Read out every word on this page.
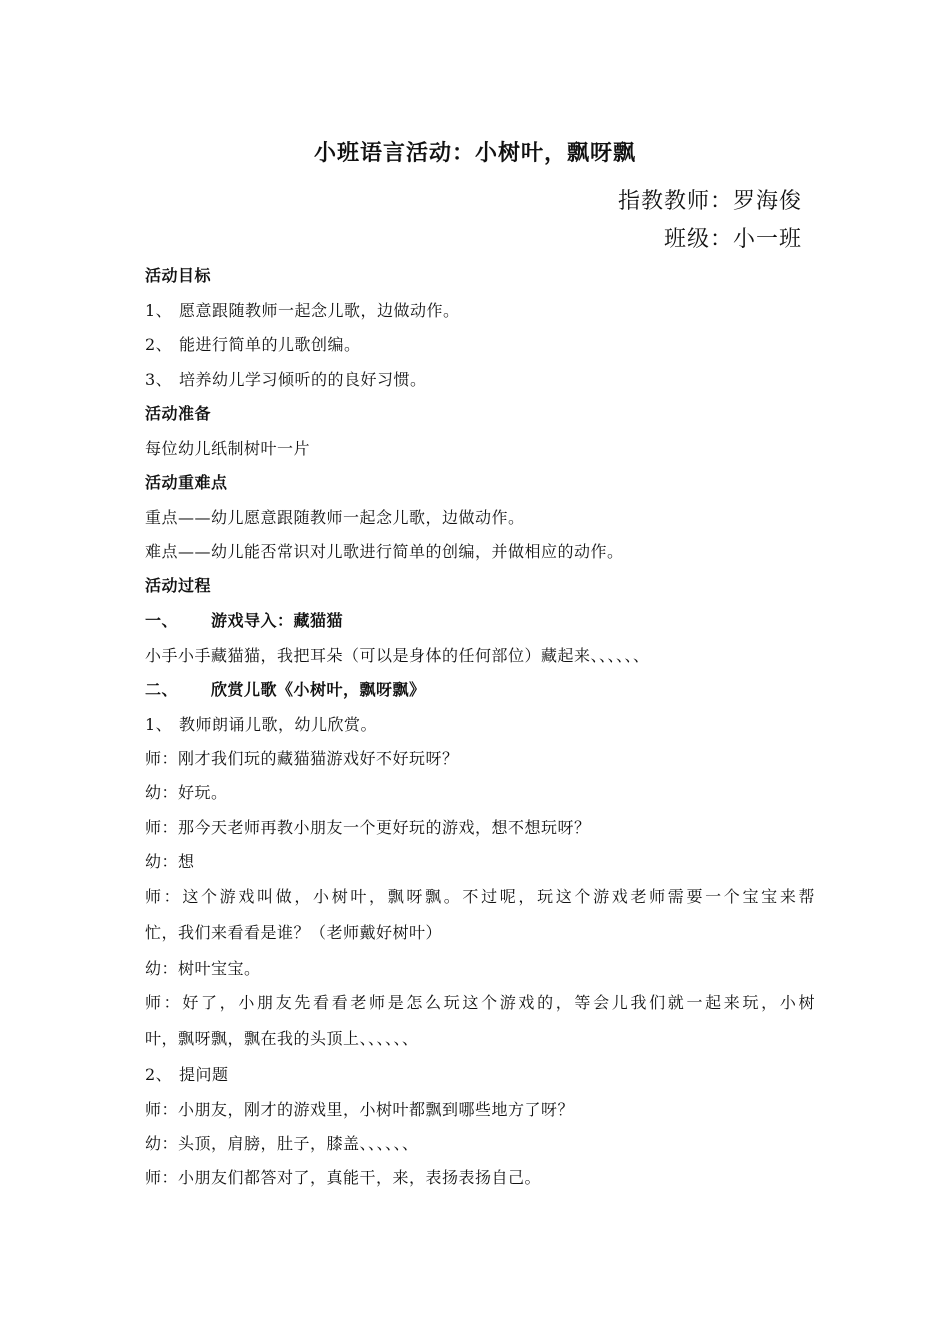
小班语言活动：小树叶，飘呀飘
指教教师：罗海俊
班级：小一班
活动目标
1、 愿意跟随教师一起念儿歌，边做动作。
2、 能进行简单的儿歌创编。
3、 培养幼儿学习倾听的的良好习惯。
活动准备
每位幼儿纸制树叶一片
活动重难点
重点——幼儿愿意跟随教师一起念儿歌，边做动作。
难点——幼儿能否常识对儿歌进行简单的创编，并做相应的动作。
活动过程
一、 游戏导入：藏猫猫
小手小手藏猫猫，我把耳朵（可以是身体的任何部位）藏起来、、、、、、
二、 欣赏儿歌《小树叶，飘呀飘》
1、 教师朗诵儿歌，幼儿欣赏。
师：刚才我们玩的藏猫猫游戏好不好玩呀？
幼：好玩。
师：那今天老师再教小朋友一个更好玩的游戏，想不想玩呀？
幼：想
师：这个游戏叫做，小树叶，飘呀飘。不过呢，玩这个游戏老师需要一个宝宝来帮
忙，我们来看看是谁？（老师戴好树叶）
幼：树叶宝宝。
师：好了，小朋友先看看老师是怎么玩这个游戏的，等会儿我们就一起来玩，小树
叶，飘呀飘，飘在我的头顶上、、、、、、
2、 提问题
师：小朋友，刚才的游戏里，小树叶都飘到哪些地方了呀？
幼：头顶，肩膀，肚子，膝盖、、、、、、
师：小朋友们都答对了，真能干，来，表扬表扬自己。
